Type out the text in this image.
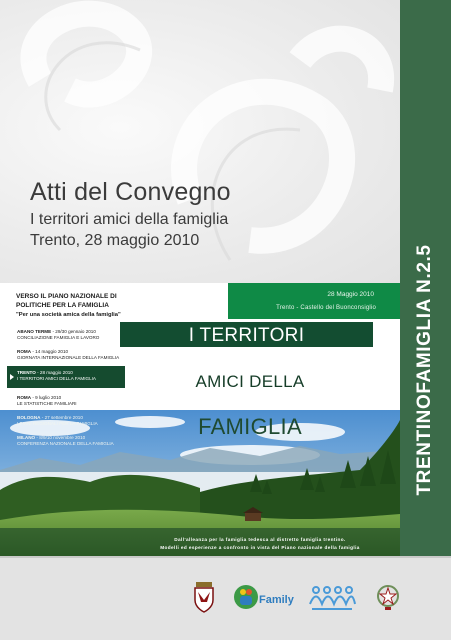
Atti del Convegno
I territori amici della famiglia
Trento, 28 maggio 2010
TRENTINOFAMIGLIA N.2.5
28 Maggio 2010
Trento - Castello del Buonconsiglio
VERSO IL PIANO NAZIONALE DI
POLITICHE PER LA FAMIGLIA
"Per una società amica della famiglia"
I TERRITORI
AMICI DELLA
FAMIGLIA
ABANO TERME - 29/30 gennaio 2010
CONCILIAZIONE FAMIGLIA E LAVORO
ROMA - 14 maggio 2010
GIORNATA INTERNAZIONALE DELLA FAMIGLIA
TRENTO - 28 maggio 2010
I TERRITORI AMICI DELLA FAMIGLIA
ROMA - 9 luglio 2010
LE STATISTICHE FAMILIARI
BOLOGNA - 27 settembre 2010
I PIANI REGIONALI PER LA FAMIGLIA
MILANO - 8/9/10 novembre 2010
CONFERENZA NAZIONALE DELLA FAMIGLIA
Dall'alleanza per la famiglia tedesca al distretto famiglia trentino.
Modelli ed esperienze a confronto in vista del Piano nazionale della famiglia
Family
